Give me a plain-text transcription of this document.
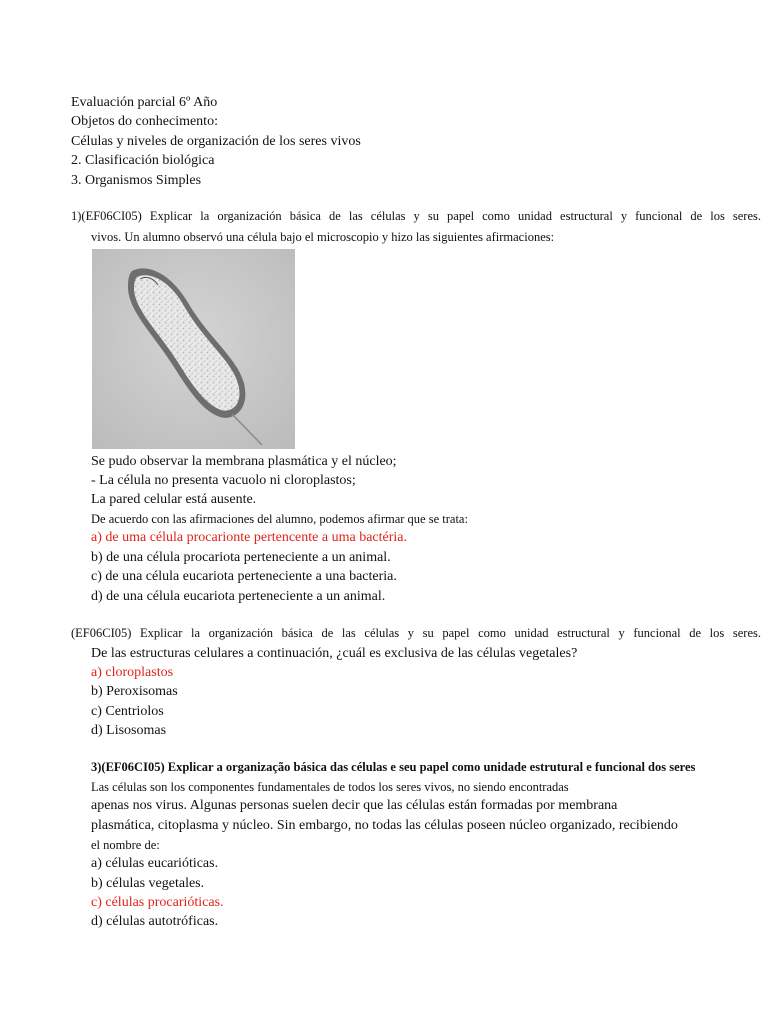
Evaluación parcial 6º Año
Objetos do conhecimento:
Células y niveles de organización de los seres vivos
2. Clasificación biológica
3. Organismos Simples
1)(EF06CI05) Explicar la organización básica de las células y su papel como unidad estructural y funcional de los seres.
vivos. Un alumno observó una célula bajo el microscopio y hizo las siguientes afirmaciones:
Se pudo observar la membrana plasmática y el núcleo;
- La célula no presenta vacuolo ni cloroplastos;
La pared celular está ausente.
De acuerdo con las afirmaciones del alumno, podemos afirmar que se trata:
a) de uma célula procarionte pertencente a uma bactéria.
b) de una célula procariota perteneciente a un animal.
c) de una célula eucariota perteneciente a una bacteria.
d) de una célula eucariota perteneciente a un animal.
(EF06CI05) Explicar la organización básica de las células y su papel como unidad estructural y funcional de los seres.
De las estructuras celulares a continuación, ¿cuál es exclusiva de las células vegetales?
a) cloroplastos
b) Peroxisomas
c) Centriolos
d) Lisosomas
3)(EF06CI05) Explicar a organização básica das células e seu papel como unidade estrutural e funcional dos seres
Las células son los componentes fundamentales de todos los seres vivos, no siendo encontradas
apenas nos virus. Algunas personas suelen decir que las células están formadas por membrana
plasmática, citoplasma y núcleo. Sin embargo, no todas las células poseen núcleo organizado, recibiendo
el nombre de:
a) células eucarióticas.
b) células vegetales.
c) células procarióticas.
d) células autotróficas.
